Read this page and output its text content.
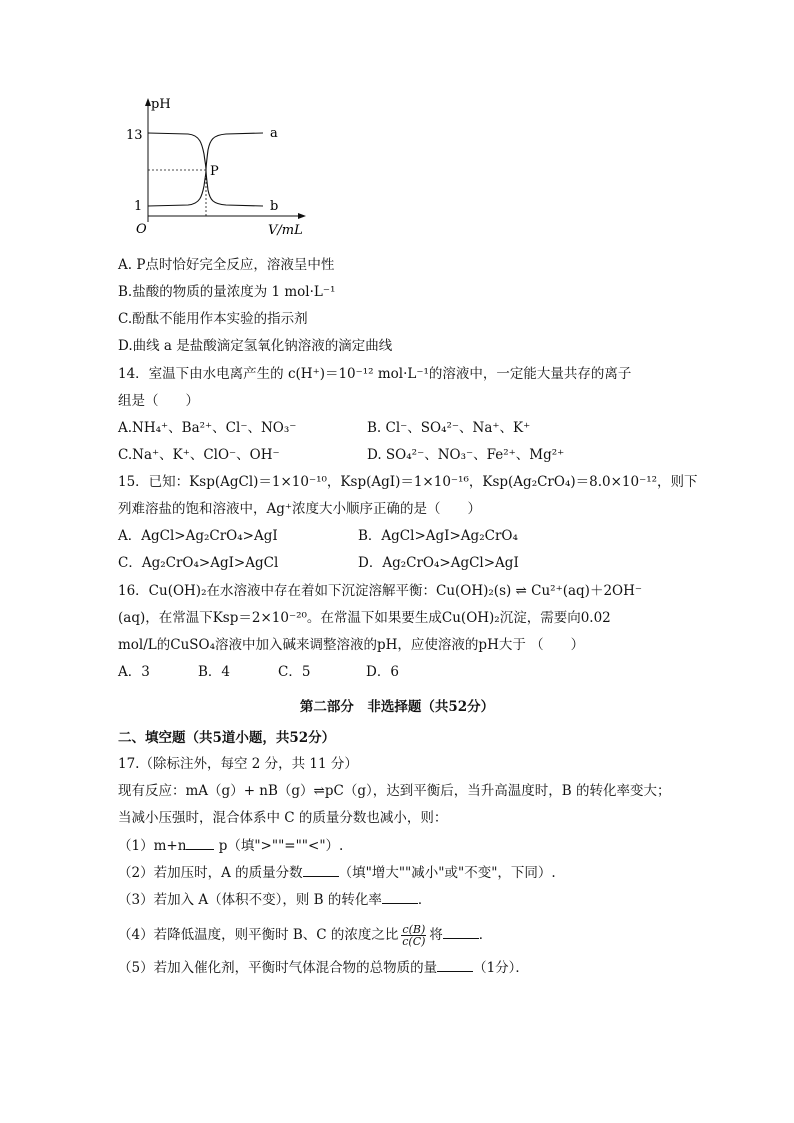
pH
13
1
O	V/mL
P
a
b
A. P点时恰好完全反应，溶液呈中性
B.盐酸的物质的量浓度为 1 mol·L⁻¹
C.酚酞不能用作本实验的指示剂
D.曲线 a 是盐酸滴定氢氧化钠溶液的滴定曲线
14．室温下由水电离产生的 c(H⁺)＝10⁻¹² mol·L⁻¹的溶液中，一定能大量共存的离子
组是（　　）
A.NH₄⁺、Ba²⁺、Cl⁻、NO₃⁻	B. Cl⁻、SO₄²⁻、Na⁺、K⁺
C.Na⁺、K⁺、ClO⁻、OH⁻	D. SO₄²⁻、NO₃⁻、Fe²⁺、Mg²⁺
15．已知：Ksp(AgCl)＝1×10⁻¹⁰，Ksp(AgI)＝1×10⁻¹⁶，Ksp(Ag₂CrO₄)＝8.0×10⁻¹²，则下
列难溶盐的饱和溶液中，Ag⁺浓度大小顺序正确的是（　　）
A．AgCl>Ag₂CrO₄>AgI	B．AgCl>AgI>Ag₂CrO₄
C．Ag₂CrO₄>AgI>AgCl	D．Ag₂CrO₄>AgCl>AgI
16．Cu(OH)₂在水溶液中存在着如下沉淀溶解平衡：Cu(OH)₂(s) ⇌ Cu²⁺(aq)＋2OH⁻
(aq)，在常温下Ksp＝2×10⁻²⁰。在常温下如果要生成Cu(OH)₂沉淀，需要向0.02
mol/L的CuSO₄溶液中加入碱来调整溶液的pH，应使溶液的pH大于 （　　）
A．3	B．4	C．5	D．6
第二部分　非选择题（共52分）
二、填空题（共5道小题，共52分）
17.（除标注外，每空 2 分，共 11 分）
现有反应：mA（g）+ nB（g）⇌pC（g），达到平衡后，当升高温度时，B 的转化率变大；
当减小压强时，混合体系中 C 的质量分数也减小，则：
（1）m+n p（填">""=""<"）.
（2）若加压时，A 的质量分数	（填"增大""减小"或"不变"，下同）.
（3）若加入 A（体积不变），则 B 的转化率	．
（4）若降低温度，则平衡时 B、C 的浓度之比 $\frac{c(B)}{c(C)}$ 将	．
（5）若加入催化剂，平衡时气体混合物的总物质的量	（1分）．
